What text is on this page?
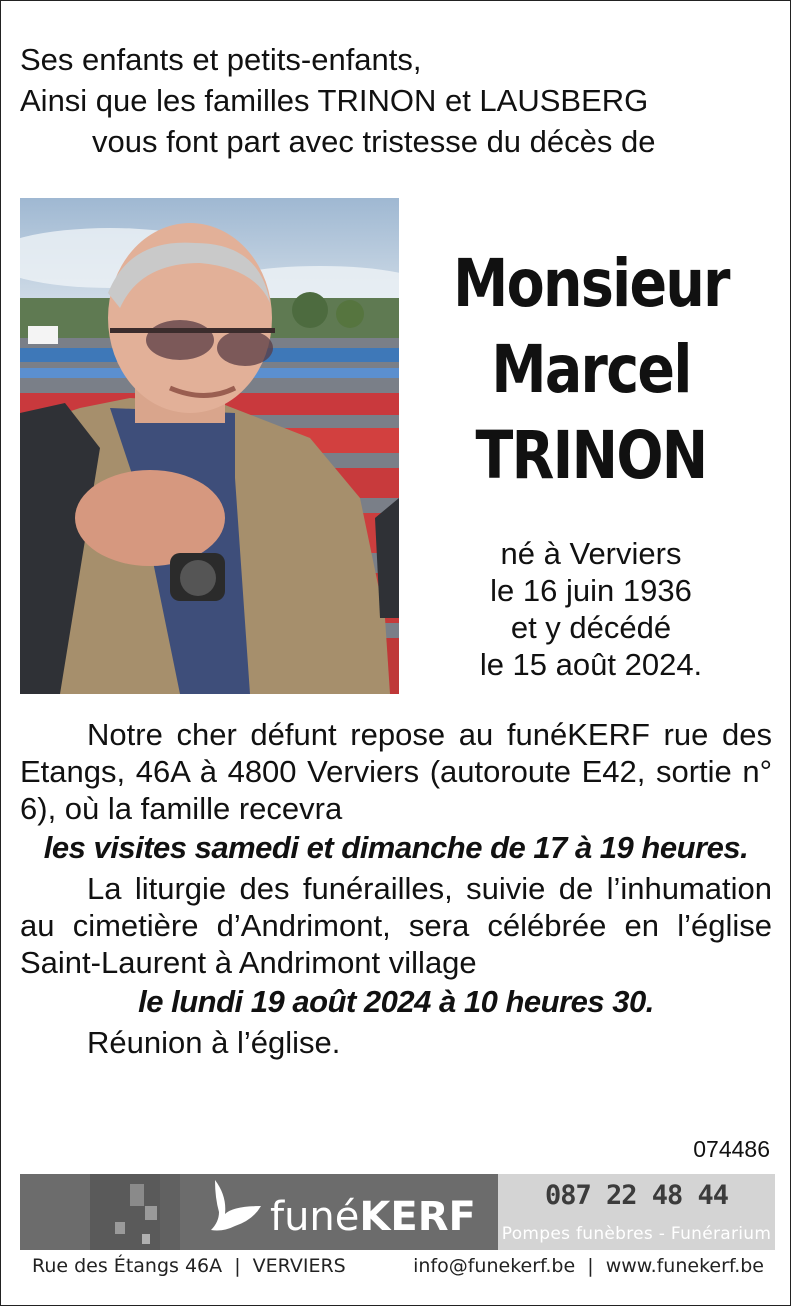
Ses enfants et petits-enfants,
Ainsi que les familles TRINON et LAUSBERG
vous font part avec tristesse du décès de
Monsieur
Marcel
TRINON
né à Verviers
le 16 juin 1936
et y décédé
le 15 août 2024.

Notre cher défunt repose au funéKERF rue des Etangs, 46A à 4800 Verviers (autoroute E42, sortie n° 6), où la famille recevra

les visites samedi et dimanche de 17 à 19 heures.

La liturgie des funérailles, suivie de l’inhumation au cimetière d’Andrimont, sera célébrée en l’église Saint-Laurent à Andrimont village

le lundi 19 août 2024 à 10 heures 30.

Réunion à l’église.

074486
funéKERF	087 22 48 44
Pompes funèbres - Funérarium
Rue des Étangs 46A  |  VERVIERS	info@funekerf.be  |  www.funekerf.be
